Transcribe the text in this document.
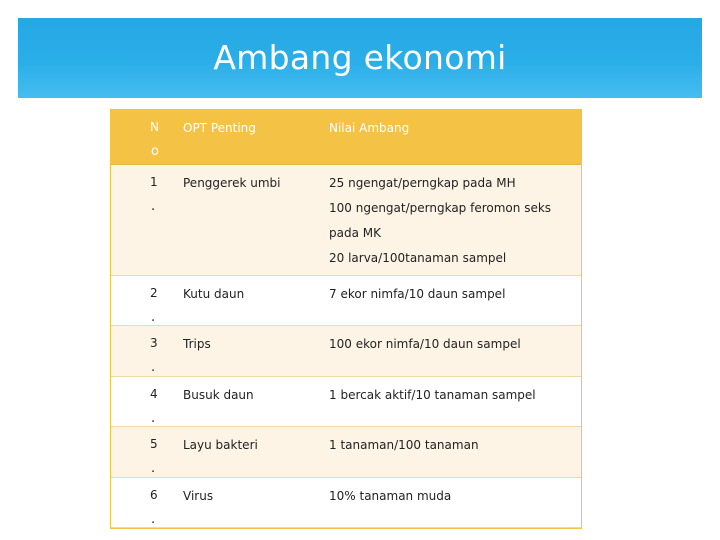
Ambang ekonomi
N
o	OPT Penting	Nilai Ambang

1
.	Penggerek umbi	25 ngengat/perngkap pada MH
100 ngengat/perngkap feromon seks
pada MK
20 larva/100tanaman sampel

2
.	Kutu daun	7 ekor nimfa/10 daun sampel

3
.	Trips	100 ekor nimfa/10 daun sampel

4
.	Busuk daun	1 bercak aktif/10 tanaman sampel

5
.	Layu bakteri	1 tanaman/100 tanaman

6
.	Virus	10% tanaman muda
